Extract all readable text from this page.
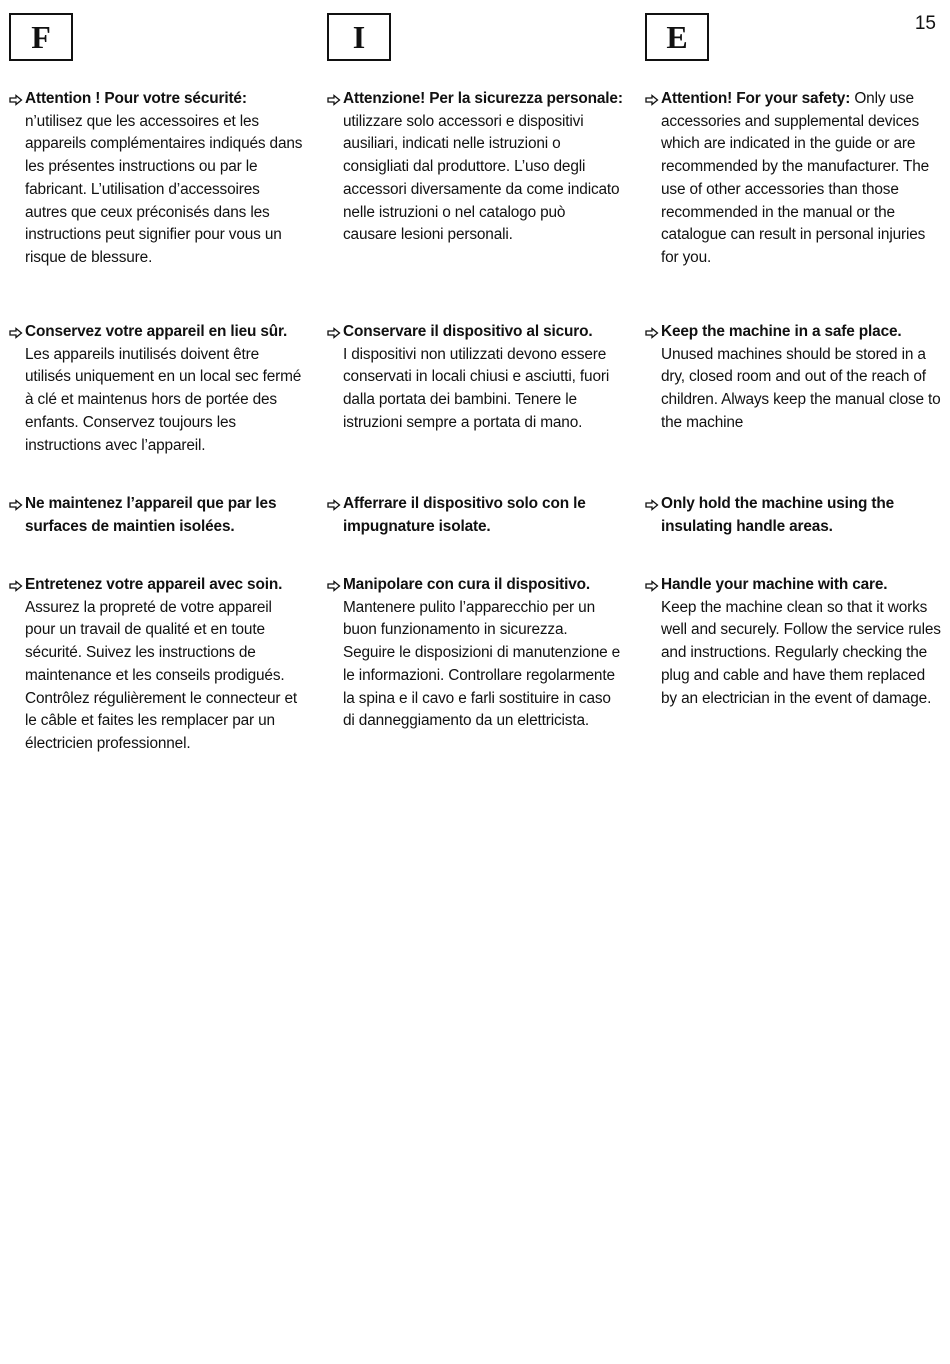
15
F
Attention ! Pour votre sécurité:
n’utilisez que les accessoires et les appareils complémentaires indiqués dans les présentes instructions ou par le fabricant. L’utilisation d’accessoires autres que ceux préconisés dans les instructions peut signifier pour vous un risque de blessure.
Conservez votre appareil en lieu sûr.
Les appareils inutilisés doivent être utilisés uniquement en un local sec fermé à clé et maintenus hors de portée des enfants. Conservez toujours les instructions avec l’appareil.
Ne maintenez l’appareil que par les surfaces de maintien isolées.
Entretenez votre appareil avec soin.
Assurez la propreté de votre appareil pour un travail de qualité et en toute sécurité. Suivez les instructions de maintenance et les conseils prodigués. Contrôlez régulièrement le connecteur et le câble et faites les remplacer par un électricien professionnel.
I
Attenzione! Per la sicurezza personale: utilizzare solo accessori e dispositivi ausiliari, indicati nelle istruzioni o consigliati dal produttore. L’uso degli accessori diversamente da come indicato nelle istruzioni o nel catalogo può causare lesioni personali.
Conservare il dispositivo al sicuro.
I dispositivi non utilizzati devono essere conservati in locali chiusi e asciutti, fuori dalla portata dei bambini. Tenere le istruzioni sempre a portata di mano.
Afferrare il dispositivo solo con le impugnature isolate.
Manipolare con cura il dispositivo.
Mantenere pulito l’apparecchio per un buon funzionamento in sicurezza. Seguire le disposizioni di manutenzione e le informazioni. Controllare regolarmente la spina e il cavo e farli sostituire in caso di danneggiamento da un elettricista.
E
Attention! For your safety: Only use accessories and supplemental devices which are indicated in the guide or are recommended by the manufacturer. The use of other accessories than those recommended in the manual or the catalogue can result in personal injuries for you.
Keep the machine in a safe place.
Unused machines should be stored in a dry, closed room and out of the reach of children. Always keep the manual close to the machine
Only hold the machine using the insulating handle areas.
Handle your machine with care.
Keep the machine clean so that it works well and securely. Follow the service rules and instructions. Regularly checking the plug and cable and have them replaced by an electrician in the event of damage.
